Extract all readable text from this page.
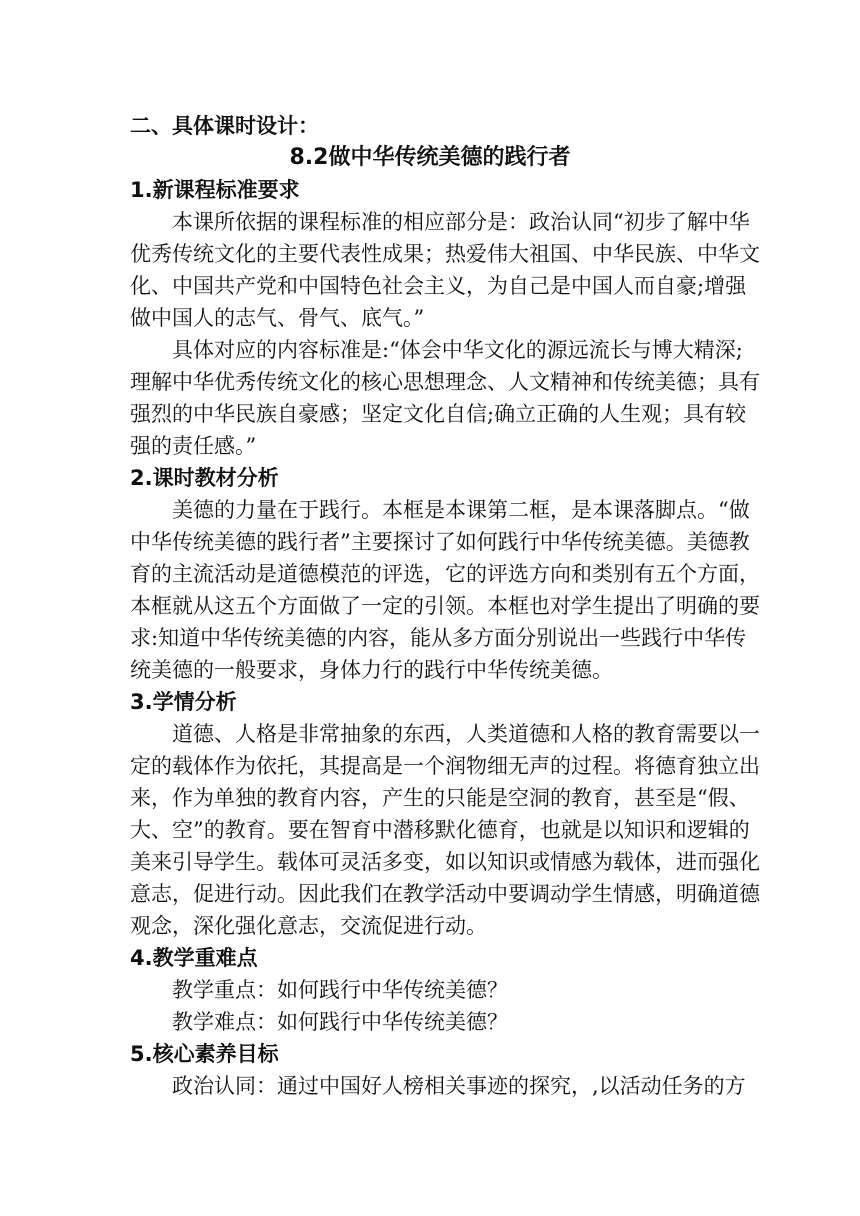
二、具体课时设计：
8.2做中华传统美德的践行者
1.新课程标准要求
本课所依据的课程标准的相应部分是：政治认同“初步了解中华
优秀传统文化的主要代表性成果；热爱伟大祖国、中华民族、中华文
化、中国共产党和中国特色社会主义，为自己是中国人而自豪;增强
做中国人的志气、骨气、底气。”
具体对应的内容标准是:“体会中华文化的源远流长与博大精深;
理解中华优秀传统文化的核心思想理念、人文精神和传统美德；具有
强烈的中华民族自豪感；坚定文化自信;确立正确的人生观；具有较
强的责任感。”
2.课时教材分析
美德的力量在于践行。本框是本课第二框，是本课落脚点。“做
中华传统美德的践行者”主要探讨了如何践行中华传统美德。美德教
育的主流活动是道德模范的评选，它的评选方向和类别有五个方面，
本框就从这五个方面做了一定的引领。本框也对学生提出了明确的要
求:知道中华传统美德的内容，能从多方面分别说出一些践行中华传
统美德的一般要求，身体力行的践行中华传统美德。
3.学情分析
道德、人格是非常抽象的东西，人类道德和人格的教育需要以一
定的载体作为依托，其提高是一个润物细无声的过程。将德育独立出
来，作为单独的教育内容，产生的只能是空洞的教育，甚至是“假、
大、空”的教育。要在智育中潜移默化德育，也就是以知识和逻辑的
美来引导学生。载体可灵活多变，如以知识或情感为载体，进而强化
意志，促进行动。因此我们在教学活动中要调动学生情感，明确道德
观念，深化强化意志，交流促进行动。
4.教学重难点
教学重点：如何践行中华传统美德？
教学难点：如何践行中华传统美德？
5.核心素养目标
政治认同：通过中国好人榜相关事迹的探究，,以活动任务的方
